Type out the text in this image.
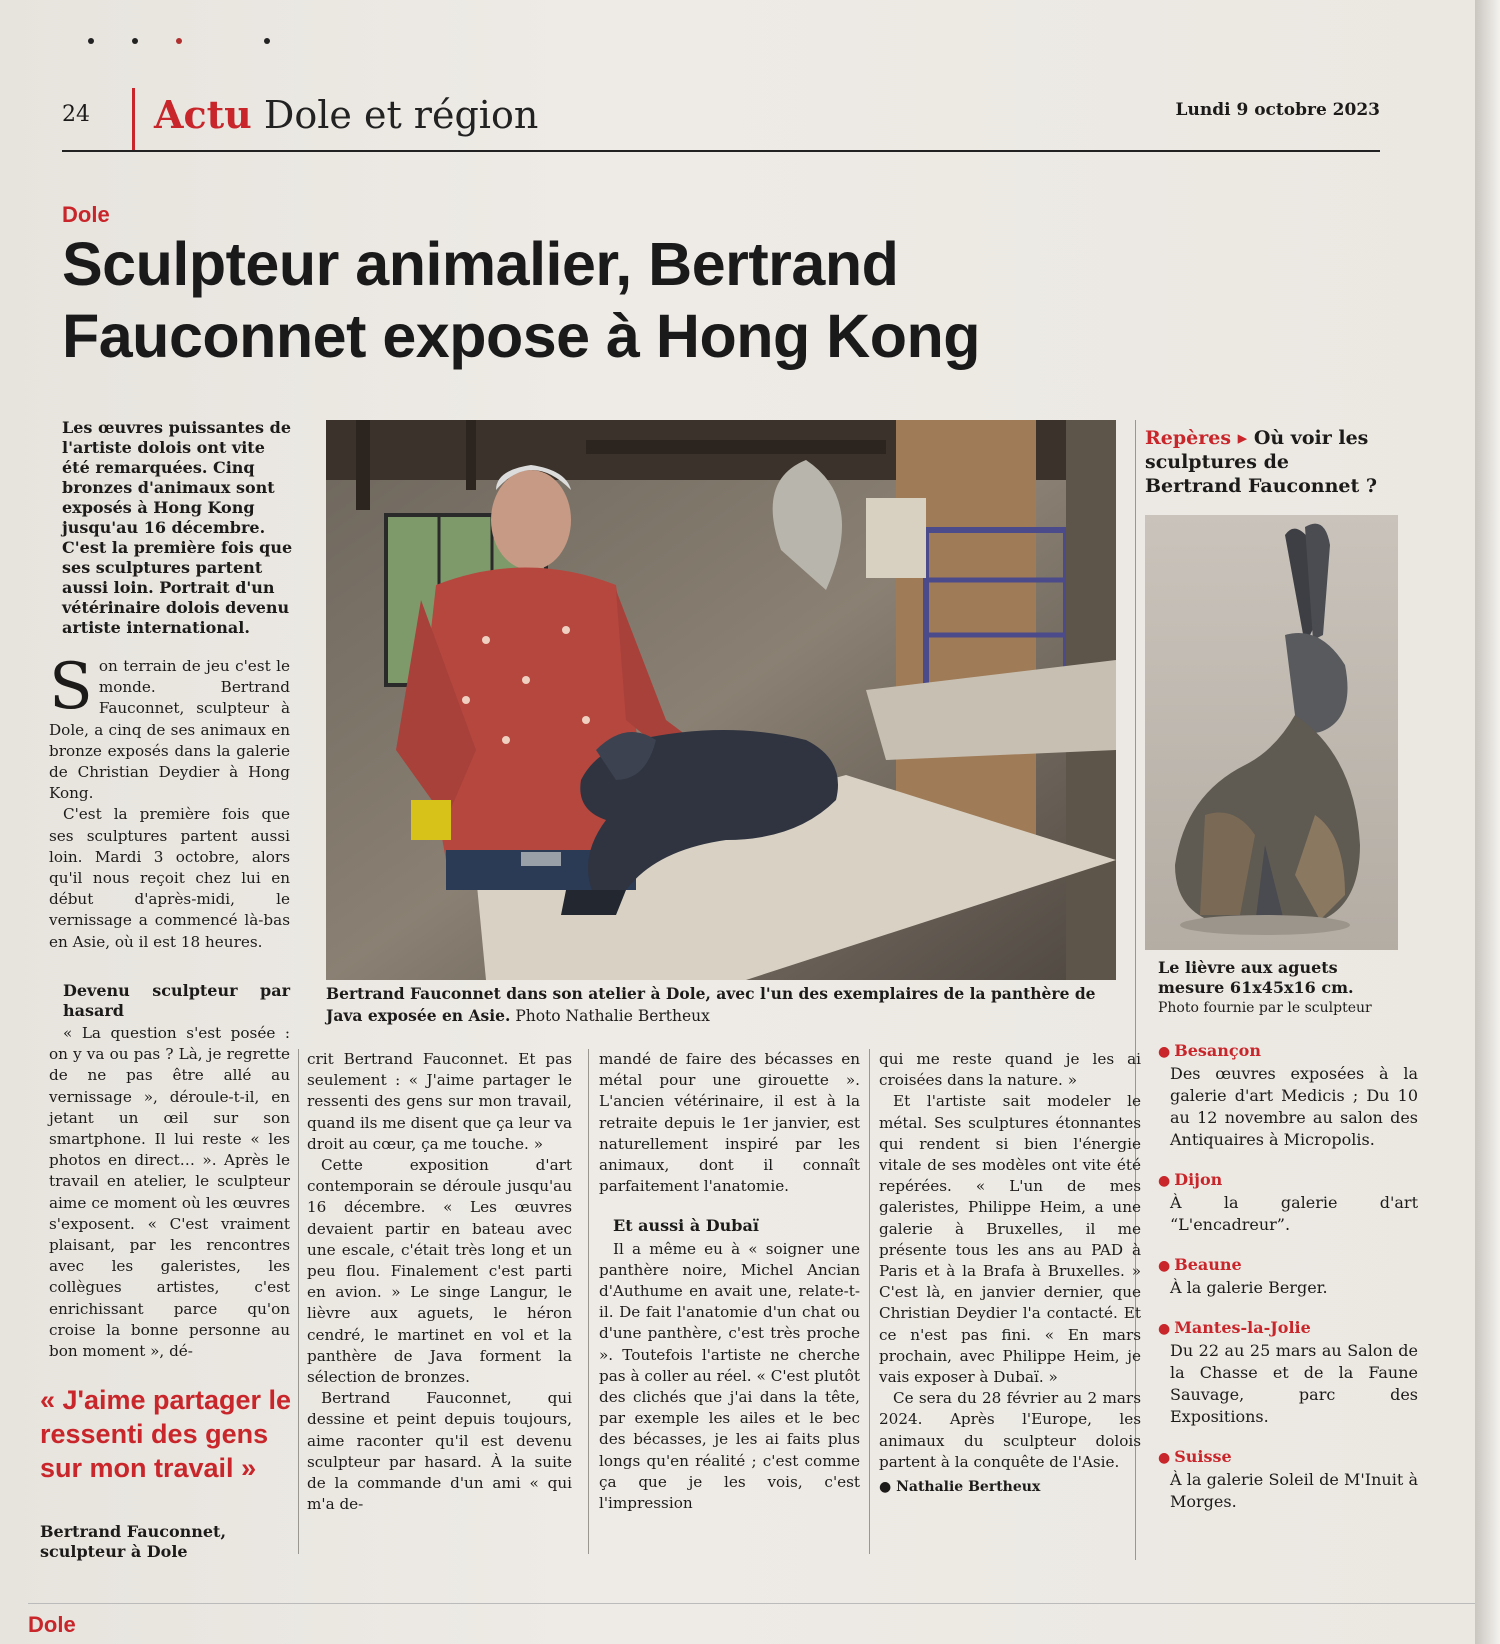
24 Actu Dole et région	Lundi 9 octobre 2023
Dole
Sculpteur animalier, Bertrand
Fauconnet expose à Hong Kong
Les œuvres puissantes de l'artiste dolois ont vite été remarquées. Cinq bronzes d'animaux sont exposés à Hong Kong jusqu'au 16 décembre. C'est la première fois que ses sculptures partent aussi loin. Portrait d'un vétérinaire dolois devenu artiste international.

Son terrain de jeu c'est le monde. Bertrand Fauconnet, sculpteur à Dole, a cinq de ses animaux en bronze exposés dans la galerie de Christian Deydier à Hong Kong.

C'est la première fois que ses sculptures partent aussi loin. Mardi 3 octobre, alors qu'il nous reçoit chez lui en début d'après-midi, le vernissage a commencé là-bas en Asie, où il est 18 heures.

Devenu sculpteur par hasard

« La question s'est posée : on y va ou pas ? Là, je regrette de ne pas être allé au vernissage », déroule-t-il, en jetant un œil sur son smartphone. Il lui reste « les photos en direct… ». Après le travail en atelier, le sculpteur aime ce moment où les œuvres s'exposent. « C'est vraiment plaisant, par les rencontres avec les galeristes, les collègues artistes, c'est enrichissant parce qu'on croise la bonne personne au bon moment », dé-

« J'aime partager le ressenti des gens sur mon travail »
Bertrand Fauconnet, sculpteur à Dole

crit Bertrand Fauconnet. Et pas seulement : « J'aime partager le ressenti des gens sur mon travail, quand ils me disent que ça leur va droit au cœur, ça me touche. »

Cette exposition d'art contemporain se déroule jusqu'au 16 décembre. « Les œuvres devaient partir en bateau avec une escale, c'était très long et un peu flou. Finalement c'est parti en avion. » Le singe Langur, le lièvre aux aguets, le héron cendré, le martinet en vol et la panthère de Java forment la sélection de bronzes.

Bertrand Fauconnet, qui dessine et peint depuis toujours, aime raconter qu'il est devenu sculpteur par hasard. À la suite de la commande d'un ami « qui m'a de-

mandé de faire des bécasses en métal pour une girouette ». L'ancien vétérinaire, il est à la retraite depuis le 1er janvier, est naturellement inspiré par les animaux, dont il connaît parfaitement l'anatomie.

Et aussi à Dubaï

Il a même eu à « soigner une panthère noire, Michel Ancian d'Authume en avait une, relate-t-il. De fait l'anatomie d'un chat ou d'une panthère, c'est très proche ». Toutefois l'artiste ne cherche pas à coller au réel. « C'est plutôt des clichés que j'ai dans la tête, par exemple les ailes et le bec des bécasses, je les ai faits plus longs qu'en réalité ; c'est comme ça que je les vois, c'est l'impression

qui me reste quand je les ai croisées dans la nature. »

Et l'artiste sait modeler le métal. Ses sculptures étonnantes qui rendent si bien l'énergie vitale de ses modèles ont vite été repérées. « L'un de mes galeristes, Philippe Heim, a une galerie à Bruxelles, il me présente tous les ans au PAD à Paris et à la Brafa à Bruxelles. » C'est là, en janvier dernier, que Christian Deydier l'a contacté. Et ce n'est pas fini. « En mars prochain, avec Philippe Heim, je vais exposer à Dubaï. »

Ce sera du 28 février au 2 mars 2024. Après l'Europe, les animaux du sculpteur dolois partent à la conquête de l'Asie.

● Nathalie Bertheux
Bertrand Fauconnet dans son atelier à Dole, avec l'un des exemplaires de la panthère de Java exposée en Asie. Photo Nathalie Bertheux
Repères ▸ Où voir les sculptures de Bertrand Fauconnet ?
Le lièvre aux aguets mesure 61x45x16 cm.
Photo fournie par le sculpteur
● Besançon
Des œuvres exposées à la galerie d'art Medicis ; Du 10 au 12 novembre au salon des Antiquaires à Micropolis.
● Dijon
À la galerie d'art “L'encadreur”.
● Beaune
À la galerie Berger.
● Mantes-la-Jolie
Du 22 au 25 mars au Salon de la Chasse et de la Faune Sauvage, parc des Expositions.
● Suisse
À la galerie Soleil de M'Inuit à Morges.
Dole
